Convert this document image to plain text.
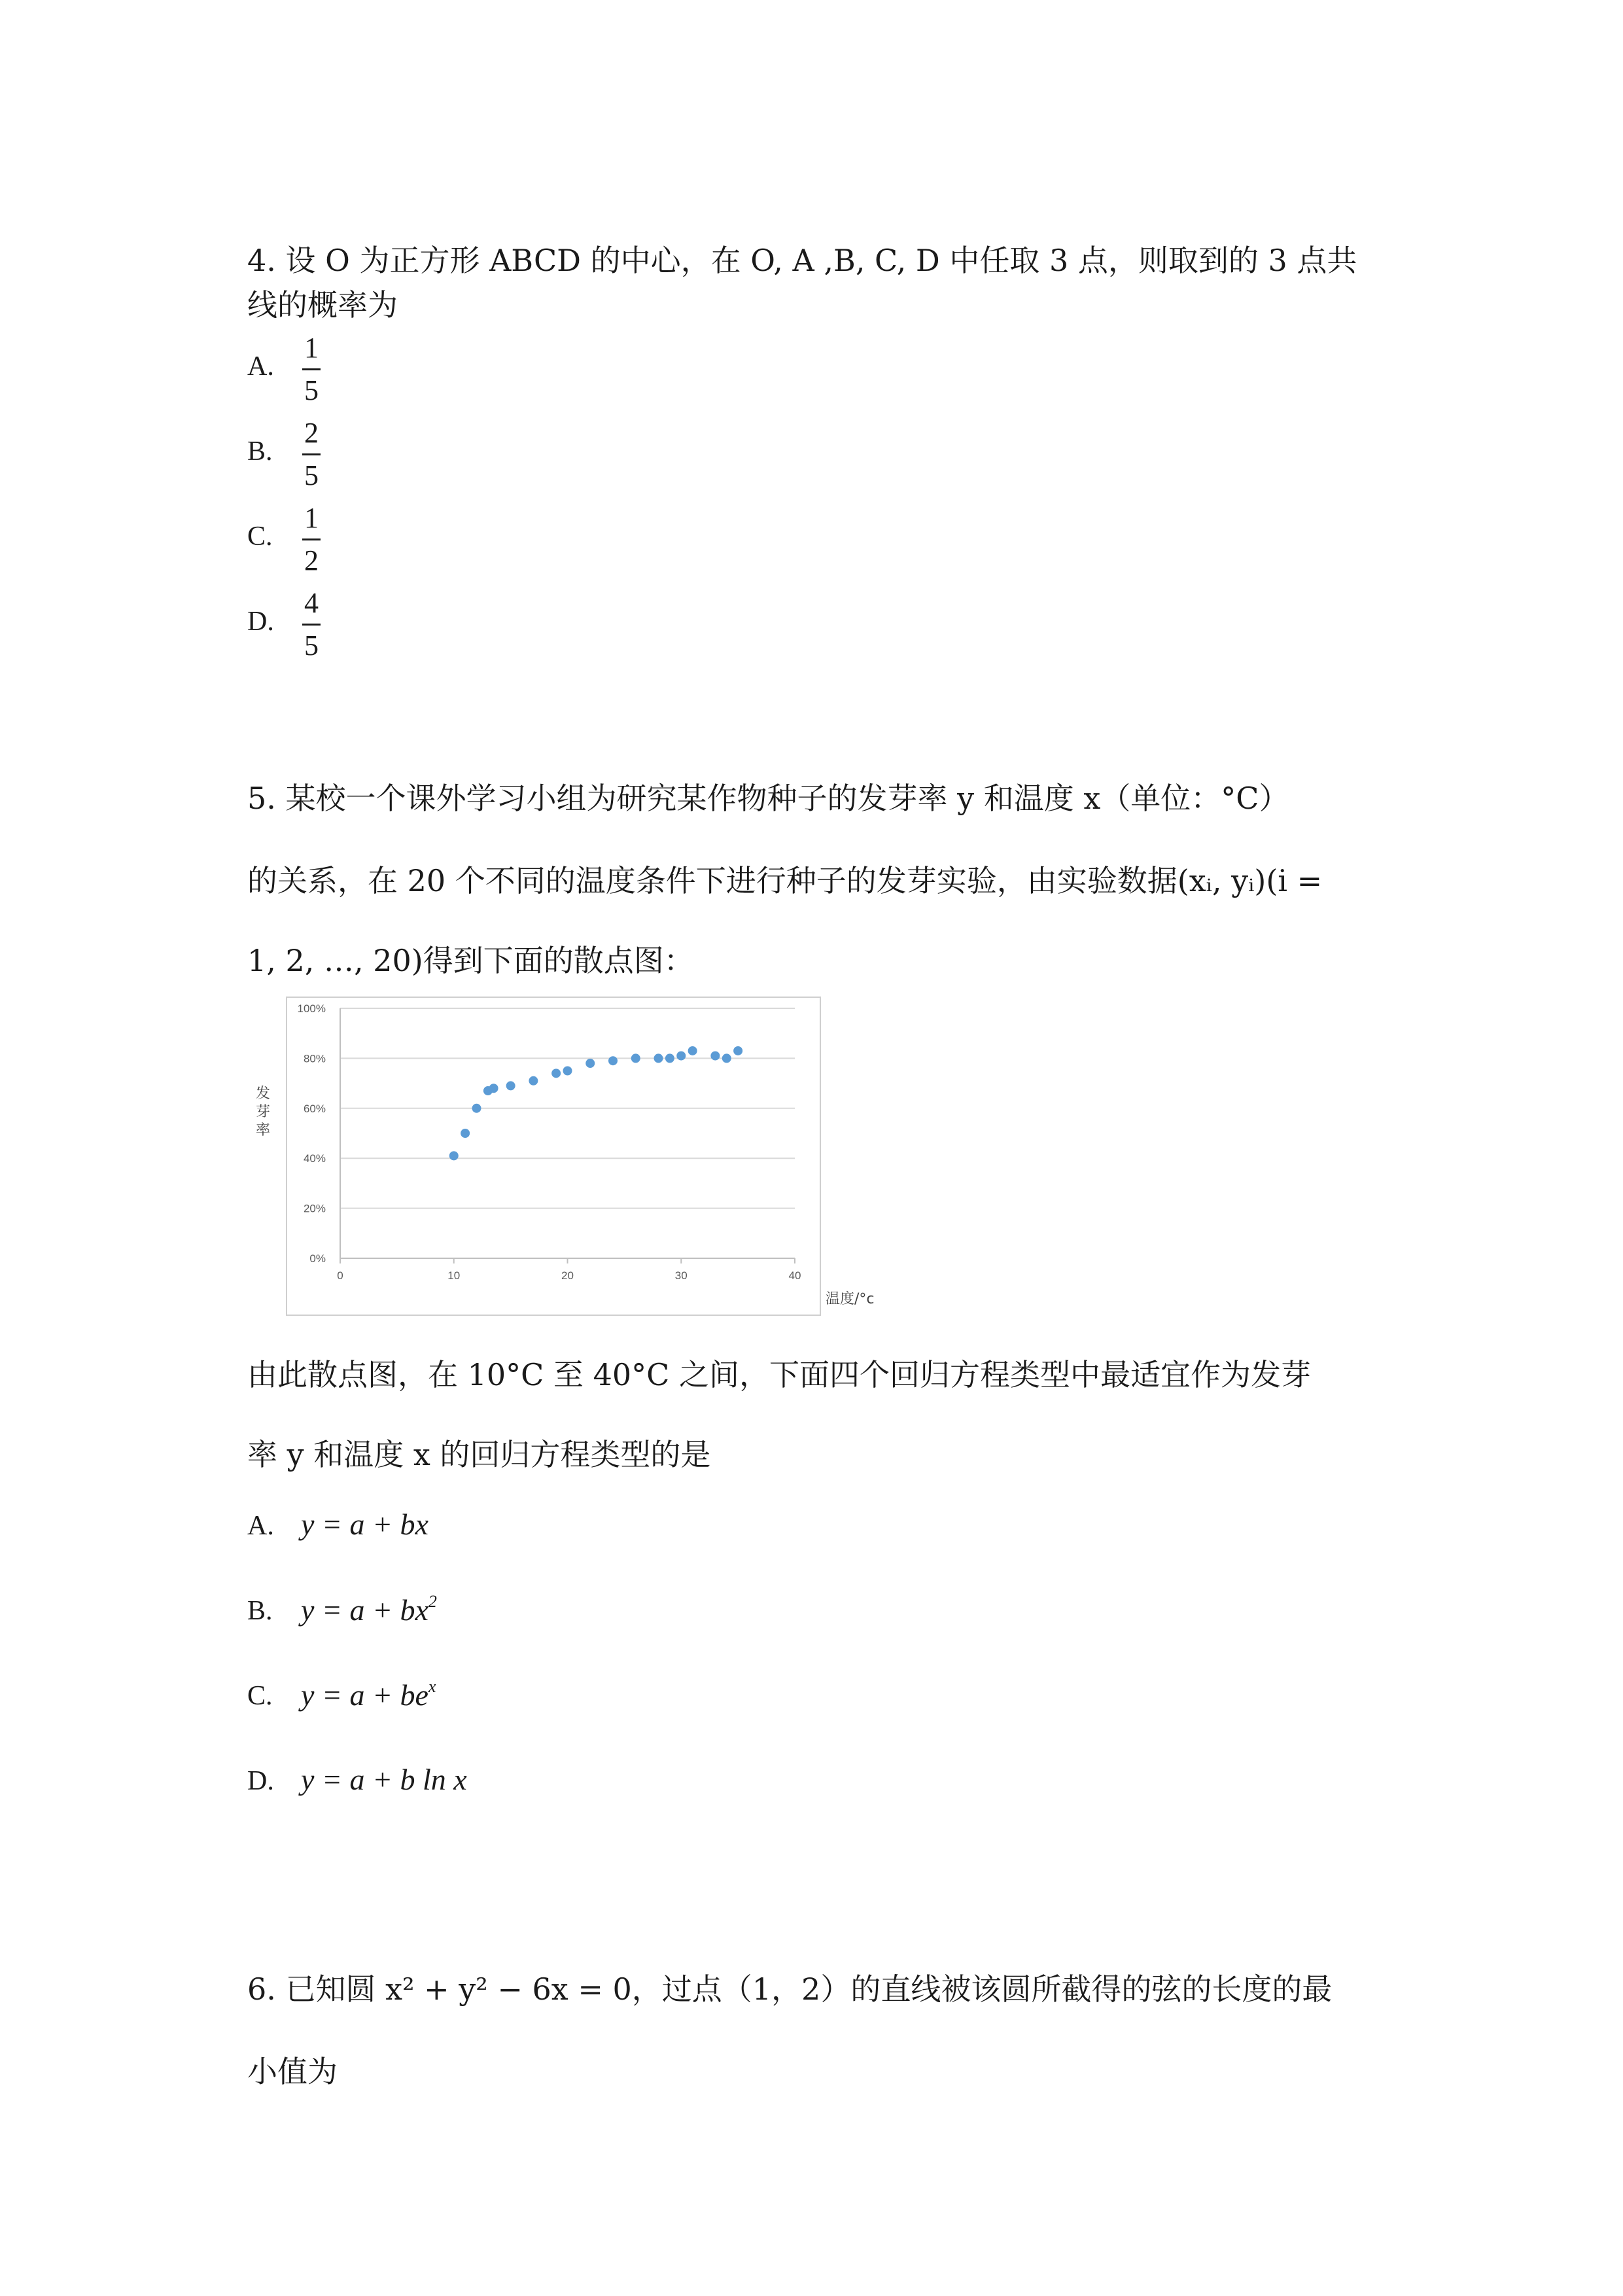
4. 设 O 为正方形 ABCD 的中心，在 O, A ,B, C, D 中任取 3 点，则取到的 3 点共
线的概率为
A.
1
5
B.
2
5
C.
1
2
D.
4
5
5. 某校一个课外学习小组为研究某作物种子的发芽率 y 和温度 x（单位：°C）
的关系，在 20 个不同的温度条件下进行种子的发芽实验，由实验数据(xᵢ, yᵢ)(i =
1, 2, …, 20)得到下面的散点图：
0%
20%
40%
60%
80%
100%
0	10	20	30	40
由此散点图，在 10°C 至 40°C 之间，下面四个回归方程类型中最适宜作为发芽
率 y 和温度 x 的回归方程类型的是
A. y = a + bx
B. $y = a + bx^2$
C. $y = a + be^x$
D. y = a + b ln x
6. 已知圆 x² + y² − 6x = 0，过点（1，2）的直线被该圆所截得的弦的长度的最
小值为
发芽率
温度/°c
